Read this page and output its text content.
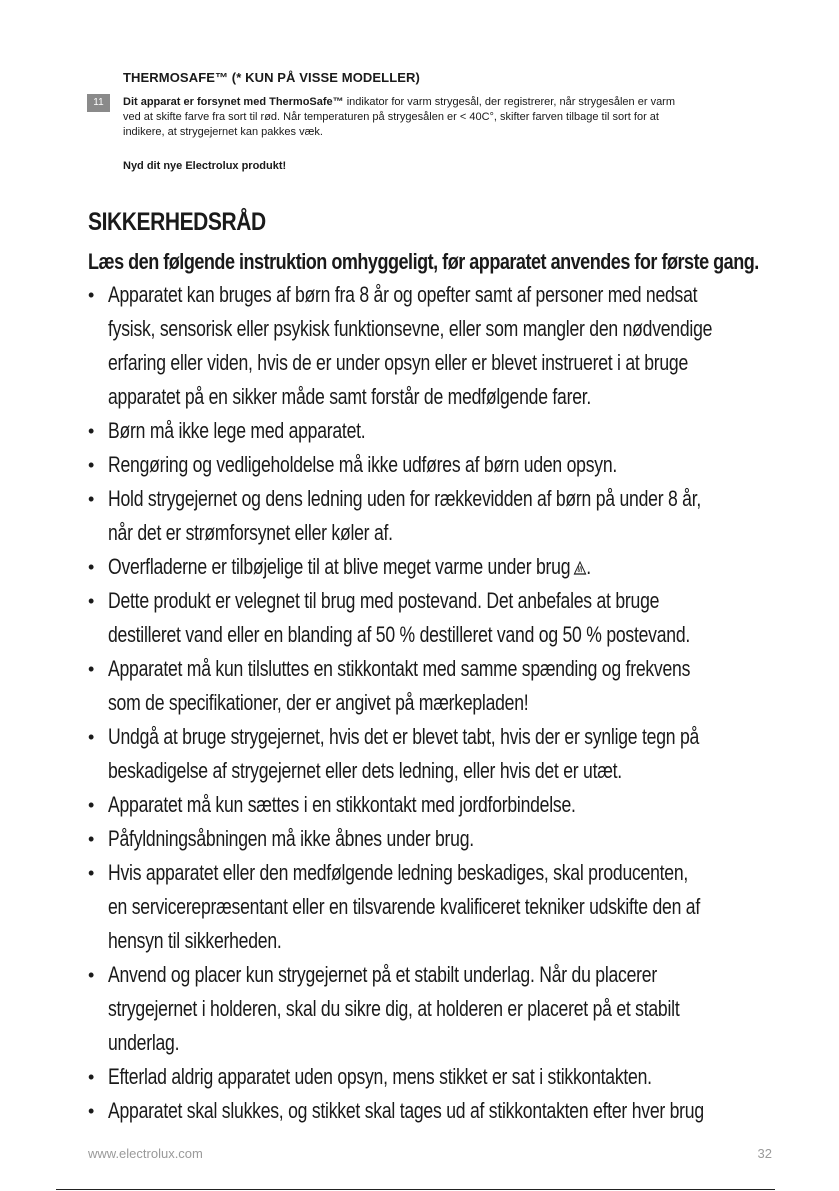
11
THERMOSAFE™ (* KUN PÅ VISSE MODELLER)

Dit apparat er forsynet med ThermoSafe™ indikator for varm strygesål, der registrerer, når strygesålen er varm
ved at skifte farve fra sort til rød. Når temperaturen på strygesålen er < 40C°, skifter farven tilbage til sort for at
indikere, at strygejernet kan pakkes væk.

Nyd dit nye Electrolux produkt!
SIKKERHEDSRÅD
Læs den følgende instruktion omhyggeligt, før apparatet anvendes for første gang.
• Apparatet kan bruges af børn fra 8 år og opefter samt af personer med nedsat
fysisk, sensorisk eller psykisk funktionsevne, eller som mangler den nødvendige
erfaring eller viden, hvis de er under opsyn eller er blevet instrueret i at bruge
apparatet på en sikker måde samt forstår de medfølgende farer.
• Børn må ikke lege med apparatet.
• Rengøring og vedligeholdelse må ikke udføres af børn uden opsyn.
• Hold strygejernet og dens ledning uden for rækkevidden af børn på under 8 år,
når det er strømforsynet eller køler af.
• Overfladerne er tilbøjelige til at blive meget varme under brug .
• Dette produkt er velegnet til brug med postevand. Det anbefales at bruge
destilleret vand eller en blanding af 50 % destilleret vand og 50 % postevand.
• Apparatet må kun tilsluttes en stikkontakt med samme spænding og frekvens
som de specifikationer, der er angivet på mærkepladen!
• Undgå at bruge strygejernet, hvis det er blevet tabt, hvis der er synlige tegn på
beskadigelse af strygejernet eller dets ledning, eller hvis det er utæt.
• Apparatet må kun sættes i en stikkontakt med jordforbindelse.
• Påfyldningsåbningen må ikke åbnes under brug.
• Hvis apparatet eller den medfølgende ledning beskadiges, skal producenten,
en servicerepræsentant eller en tilsvarende kvalificeret tekniker udskifte den af
hensyn til sikkerheden.
• Anvend og placer kun strygejernet på et stabilt underlag. Når du placerer
strygejernet i holderen, skal du sikre dig, at holderen er placeret på et stabilt
underlag.
• Efterlad aldrig apparatet uden opsyn, mens stikket er sat i stikkontakten.
• Apparatet skal slukkes, og stikket skal tages ud af stikkontakten efter hver brug
www.electrolux.com	32
